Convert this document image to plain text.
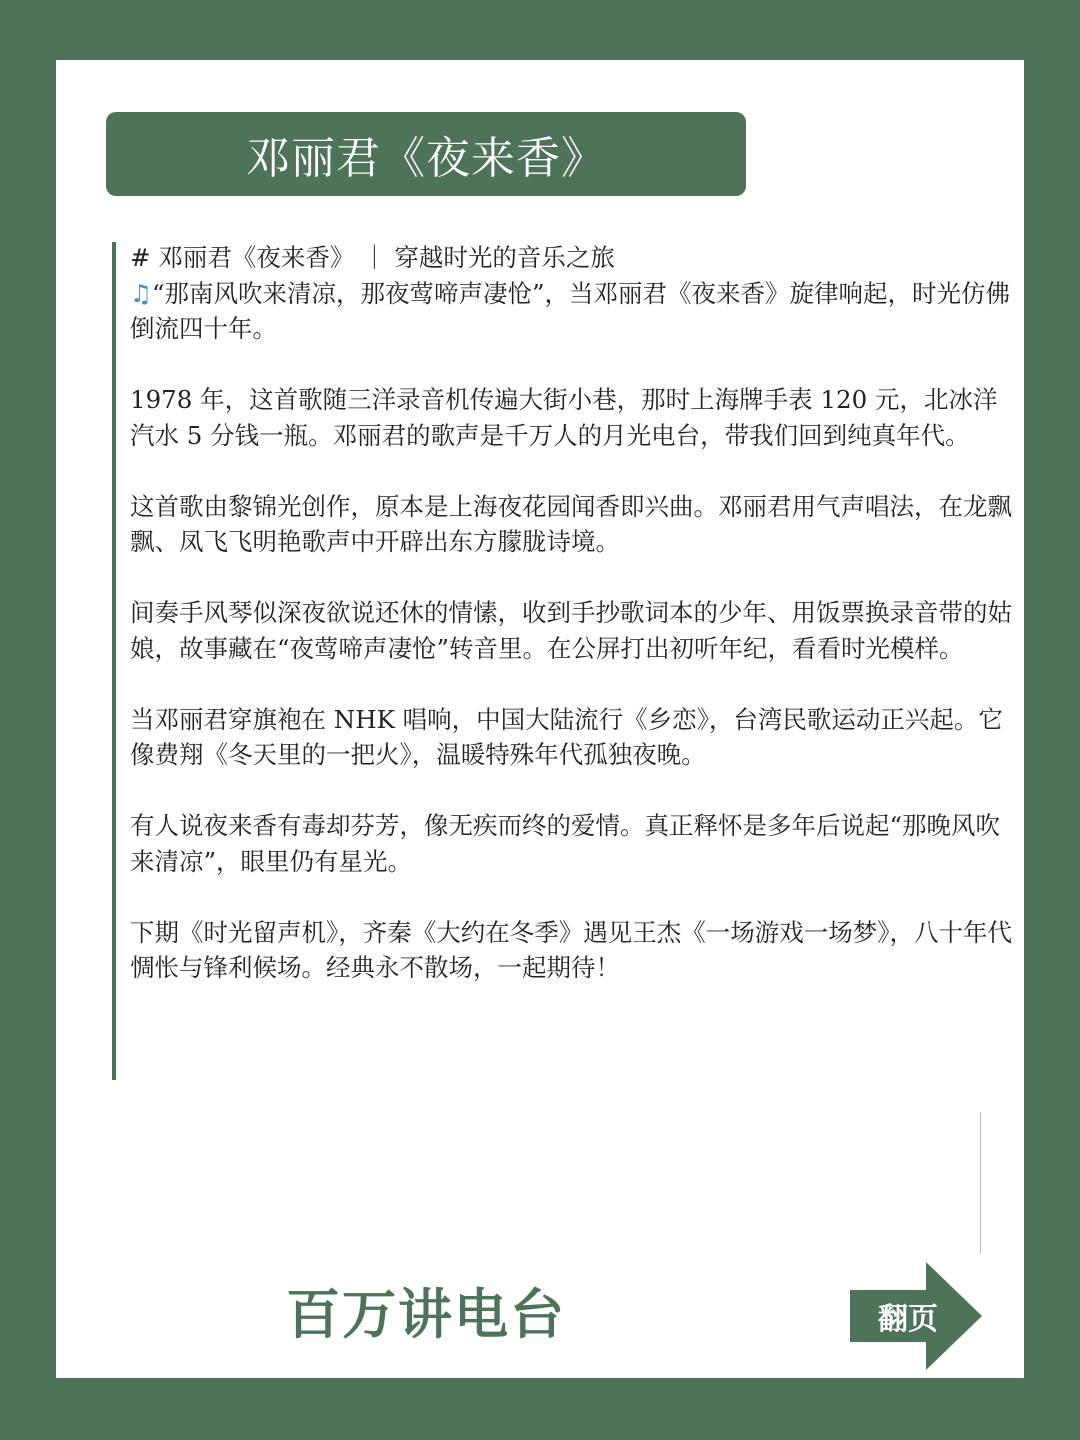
邓丽君《夜来香》

# 邓丽君《夜来香》 ｜ 穿越时光的音乐之旅

♫“那南风吹来清凉，那夜莺啼声凄怆”，当邓丽君《夜来香》旋律响起，时光仿佛倒流四十年。

1978 年，这首歌随三洋录音机传遍大街小巷，那时上海牌手表 120 元，北冰洋汽水 5 分钱一瓶。邓丽君的歌声是千万人的月光电台，带我们回到纯真年代。

这首歌由黎锦光创作，原本是上海夜花园闻香即兴曲。邓丽君用气声唱法，在龙飘飘、凤飞飞明艳歌声中开辟出东方朦胧诗境。

间奏手风琴似深夜欲说还休的情愫，收到手抄歌词本的少年、用饭票换录音带的姑娘，故事藏在“夜莺啼声凄怆”转音里。在公屏打出初听年纪，看看时光模样。

当邓丽君穿旗袍在 NHK 唱响，中国大陆流行《乡恋》，台湾民歌运动正兴起。它像费翔《冬天里的一把火》，温暖特殊年代孤独夜晚。

有人说夜来香有毒却芬芳，像无疾而终的爱情。真正释怀是多年后说起“那晚风吹来清凉”，眼里仍有星光。

下期《时光留声机》，齐秦《大约在冬季》遇见王杰《一场游戏一场梦》，八十年代惆怅与锋利候场。经典永不散场，一起期待！

百万讲电台	翻页
